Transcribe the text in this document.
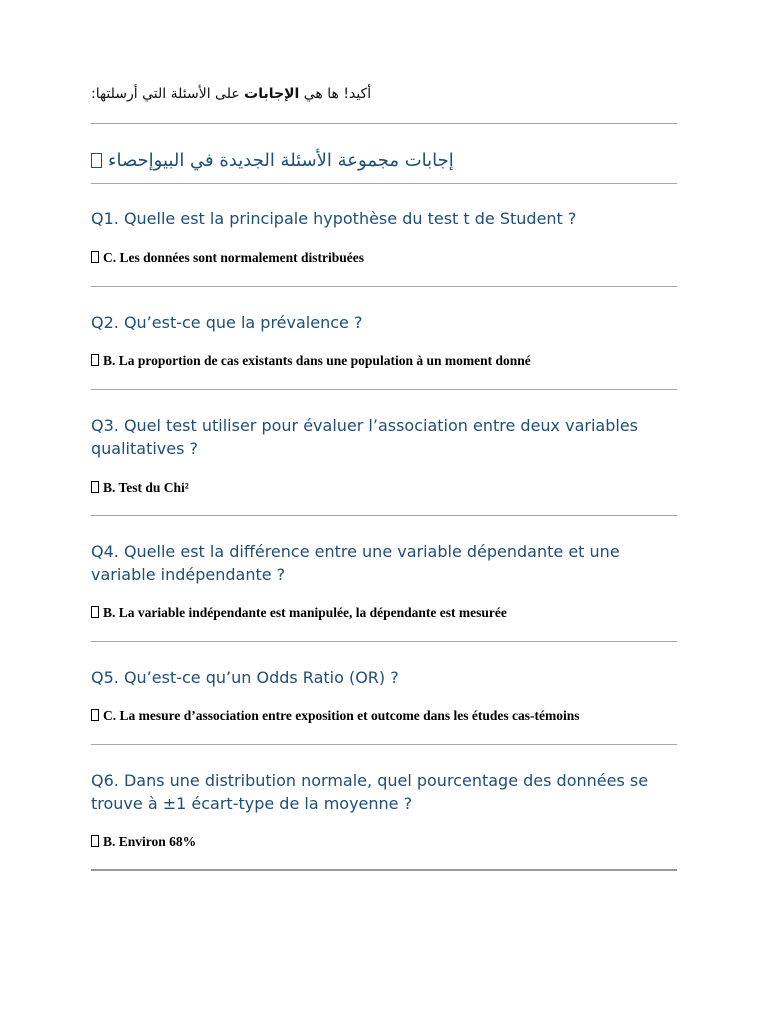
أكيد! ها هي الإجابات على الأسئلة التي أرسلتها:
إجابات مجموعة الأسئلة الجديدة في البيوإحصاء
Q1. Quelle est la principale hypothèse du test t de Student ?
C. Les données sont normalement distribuées
Q2. Qu’est-ce que la prévalence ?
B. La proportion de cas existants dans une population à un moment donné
Q3. Quel test utiliser pour évaluer l’association entre deux variables qualitatives ?
B. Test du Chi²
Q4. Quelle est la différence entre une variable dépendante et une variable indépendante ?
B. La variable indépendante est manipulée, la dépendante est mesurée
Q5. Qu’est-ce qu’un Odds Ratio (OR) ?
C. La mesure d’association entre exposition et outcome dans les études cas-témoins
Q6. Dans une distribution normale, quel pourcentage des données se trouve à ±1 écart-type de la moyenne ?
B. Environ 68%
